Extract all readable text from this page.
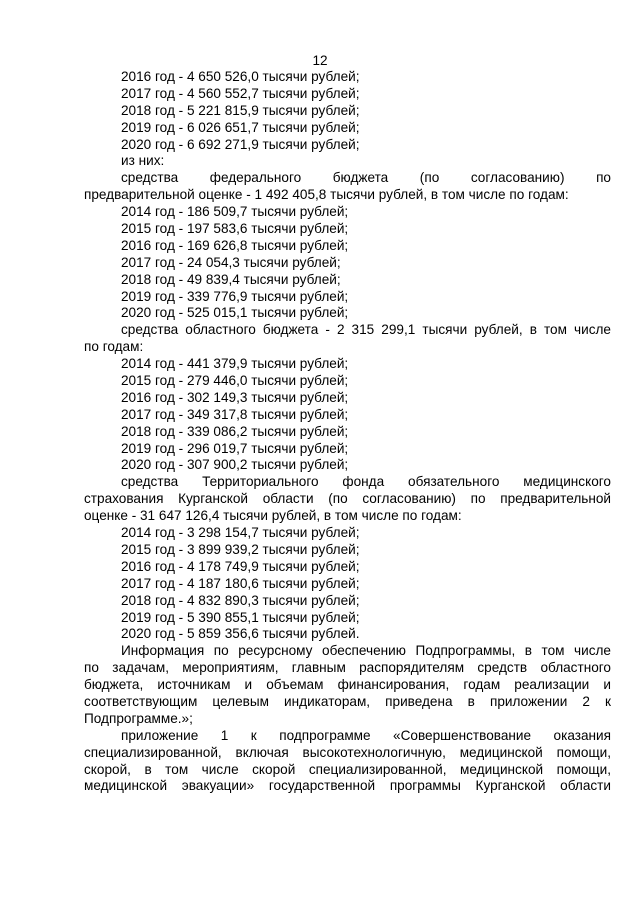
12
2016 год - 4 650 526,0 тысячи рублей;
2017 год - 4 560 552,7 тысячи рублей;
2018 год - 5 221 815,9 тысячи рублей;
2019 год - 6 026 651,7 тысячи рублей;
2020 год - 6 692 271,9 тысячи рублей;
из них:
средства федерального бюджета (по согласованию) по
предварительной оценке - 1 492 405,8 тысячи рублей, в том числе по годам:
2014 год - 186 509,7 тысячи рублей;
2015 год - 197 583,6 тысячи рублей;
2016 год - 169 626,8 тысячи рублей;
2017 год - 24 054,3 тысячи рублей;
2018 год - 49 839,4 тысячи рублей;
2019 год - 339 776,9 тысячи рублей;
2020 год - 525 015,1 тысячи рублей;
средства областного бюджета - 2 315 299,1 тысячи рублей, в том числе
по годам:
2014 год - 441 379,9 тысячи рублей;
2015 год - 279 446,0 тысячи рублей;
2016 год - 302 149,3 тысячи рублей;
2017 год - 349 317,8 тысячи рублей;
2018 год - 339 086,2 тысячи рублей;
2019 год - 296 019,7 тысячи рублей;
2020 год - 307 900,2 тысячи рублей;
средства Территориального фонда обязательного медицинского
страхования Курганской области (по согласованию) по предварительной
оценке - 31 647 126,4 тысячи рублей, в том числе по годам:
2014 год - 3 298 154,7 тысячи рублей;
2015 год - 3 899 939,2 тысячи рублей;
2016 год - 4 178 749,9 тысячи рублей;
2017 год - 4 187 180,6 тысячи рублей;
2018 год - 4 832 890,3 тысячи рублей;
2019 год - 5 390 855,1 тысячи рублей;
2020 год - 5 859 356,6 тысячи рублей.
Информация по ресурсному обеспечению Подпрограммы, в том числе
по задачам, мероприятиям, главным распорядителям средств областного
бюджета, источникам и объемам финансирования, годам реализации и
соответствующим целевым индикаторам, приведена в приложении 2 к
Подпрограмме.»;
приложение 1 к подпрограмме «Совершенствование оказания
специализированной, включая высокотехнологичную, медицинской помощи,
скорой, в том числе скорой специализированной, медицинской помощи,
медицинской эвакуации» государственной программы Курганской области
